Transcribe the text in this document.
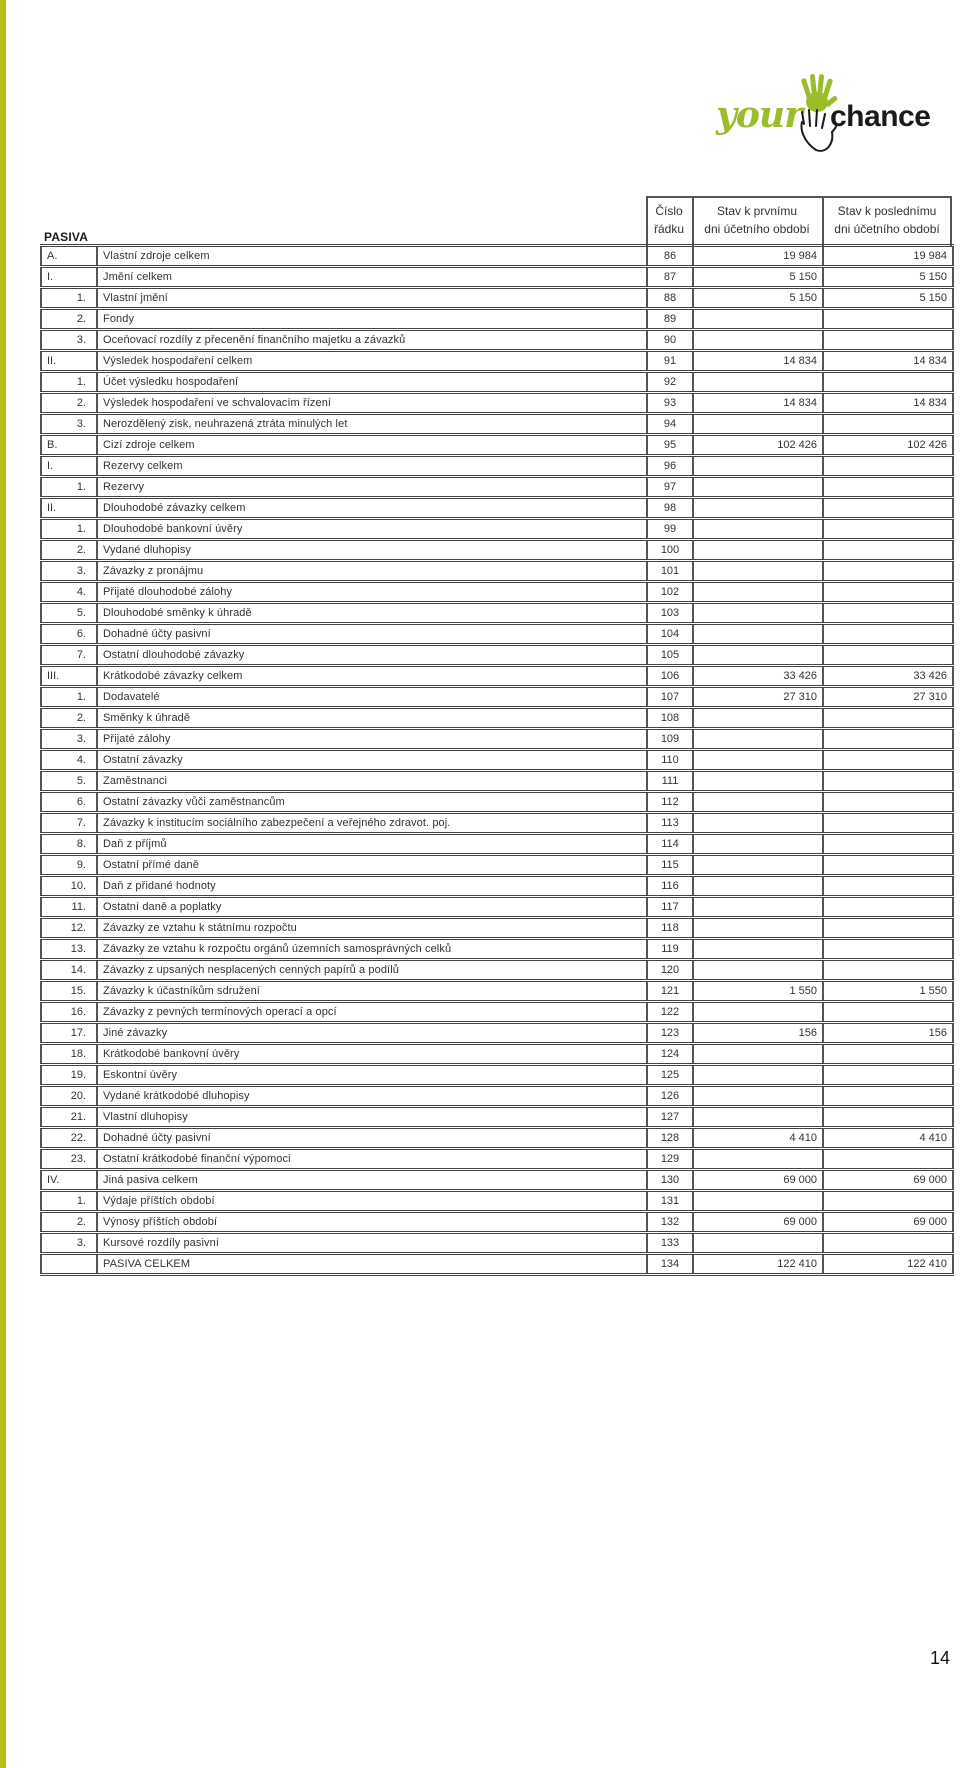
your chance
PASIVA
Číslo
řádku
Stav k prvnímu
dni účetního období
Stav k poslednímu
dni účetního období
A.	Vlastní zdroje celkem	86	19 984	19 984
I.	Jmění celkem	87	5 150	5 150
1.	Vlastní jmění	88	5 150	5 150
2.	Fondy	89		
3.	Oceňovací rozdíly z přecenění finančního majetku a závazků	90		
II.	Výsledek hospodaření celkem	91	14 834	14 834
1.	Účet výsledku hospodaření	92		
2.	Výsledek hospodaření ve schvalovacím řízení	93	14 834	14 834
3.	Nerozdělený zisk, neuhrazená ztráta minulých let	94		
B.	Cizí zdroje celkem	95	102 426	102 426
I.	Rezervy celkem	96		
1.	Rezervy	97		
II.	Dlouhodobé závazky celkem	98		
1.	Dlouhodobé bankovní úvěry	99		
2.	Vydané dluhopisy	100		
3.	Závazky z pronájmu	101		
4.	Přijaté dlouhodobé zálohy	102		
5.	Dlouhodobé směnky k úhradě	103		
6.	Dohadné účty pasivní	104		
7.	Ostatní dlouhodobé závazky	105		
III.	Krátkodobé závazky celkem	106	33 426	33 426
1.	Dodavatelé	107	27 310	27 310
2.	Směnky k úhradě	108		
3.	Přijaté zálohy	109		
4.	Ostatní závazky	110		
5.	Zaměstnanci	111		
6.	Ostatní závazky vůči zaměstnancům	112		
7.	Závazky k institucím sociálního zabezpečení a veřejného zdravot. poj.	113		
8.	Daň z příjmů	114		
9.	Ostatní přímé daně	115		
10.	Daň z přidané hodnoty	116		
11.	Ostatní daně a poplatky	117		
12.	Závazky ze vztahu k státnímu rozpočtu	118		
13.	Závazky ze vztahu k rozpočtu orgánů územních samosprávných celků	119		
14.	Závazky z upsaných nesplacených cenných papírů a podílů	120		
15.	Závazky k účastníkům sdružení	121	1 550	1 550
16.	Závazky z pevných termínových operací a opcí	122		
17.	Jiné závazky	123	156	156
18.	Krátkodobé bankovní úvěry	124		
19.	Eskontní úvěry	125		
20.	Vydané krátkodobé dluhopisy	126		
21.	Vlastní dluhopisy	127		
22.	Dohadné účty pasivní	128	4 410	4 410
23.	Ostatní krátkodobé finanční výpomoci	129		
IV.	Jiná pasiva celkem	130	69 000	69 000
1.	Výdaje příštích období	131		
2.	Výnosy příštích období	132	69 000	69 000
3.	Kursové rozdíly pasivní	133		
	PASIVA CELKEM	134	122 410	122 410
14
